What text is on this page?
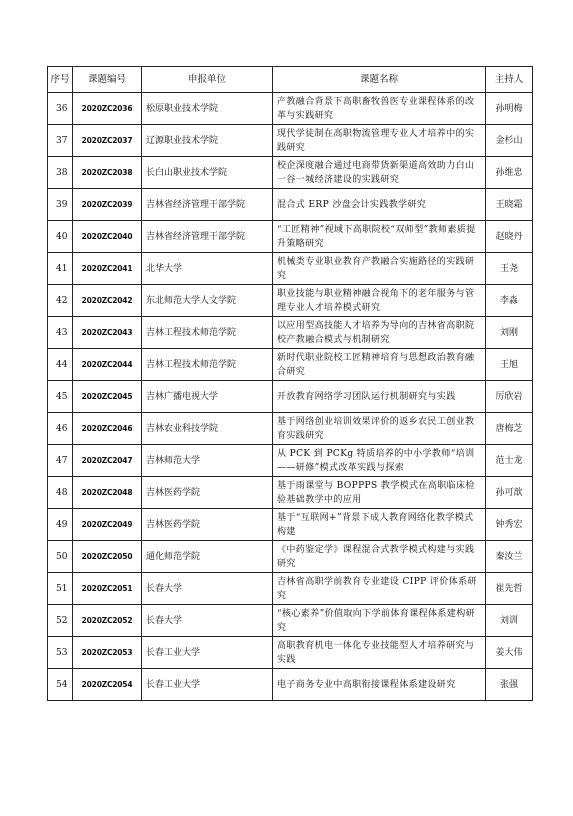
序号	课题编号	申报单位	课题名称	主持人
36	2020ZC2036	松原职业技术学院	产教融合背景下高职畜牧兽医专业课程体系的改革与实践研究	孙明梅
37	2020ZC2037	辽源职业技术学院	现代学徒制在高职物流管理专业人才培养中的实践研究	金杉山
38	2020ZC2038	长白山职业技术学院	校企深度融合通过电商带货新渠道高效助力白山一谷一城经济建设的实践研究	孙维忠
39	2020ZC2039	吉林省经济管理干部学院	混合式 ERP 沙盘会计实践教学研究	王晓霜
40	2020ZC2040	吉林省经济管理干部学院	“工匠精神”视域下高职院校“双师型”教师素质提升策略研究	赵晓丹
41	2020ZC2041	北华大学	机械类专业职业教育产教融合实施路径的实践研究	王尧
42	2020ZC2042	东北师范大学人文学院	职业技能与职业精神融合视角下的老年服务与管理专业人才培养模式研究	李淼
43	2020ZC2043	吉林工程技术师范学院	以应用型高技能人才培养为导向的吉林省高职院校产教融合模式与机制研究	刘刚
44	2020ZC2044	吉林工程技术师范学院	新时代职业院校工匠精神培育与思想政治教育融合研究	王旭
45	2020ZC2045	吉林广播电视大学	开放教育网络学习团队运行机制研究与实践	厉欣岩
46	2020ZC2046	吉林农业科技学院	基于网络创业培训效果评价的返乡农民工创业教育实践研究	唐梅芝
47	2020ZC2047	吉林师范大学	从 PCK 到 PCKg 特质培养的中小学教师“培训——研修”模式改革实践与探索	范士龙
48	2020ZC2048	吉林医药学院	基于雨课堂与 BOPPPS 教学模式在高职临床检验基础教学中的应用	孙可歆
49	2020ZC2049	吉林医药学院	基于“互联网+”背景下成人教育网络化教学模式构建	钟秀宏
50	2020ZC2050	通化师范学院	《中药鉴定学》课程混合式教学模式构建与实践研究	秦汝兰
51	2020ZC2051	长春大学	吉林省高职学前教育专业建设 CIPP 评价体系研究	崔先哲
52	2020ZC2052	长春大学	“核心素养”价值取向下学前体育课程体系建构研究	刘训
53	2020ZC2053	长春工业大学	高职教育机电一体化专业技能型人才培养研究与实践	姜大伟
54	2020ZC2054	长春工业大学	电子商务专业中高职衔接课程体系建设研究	张强
